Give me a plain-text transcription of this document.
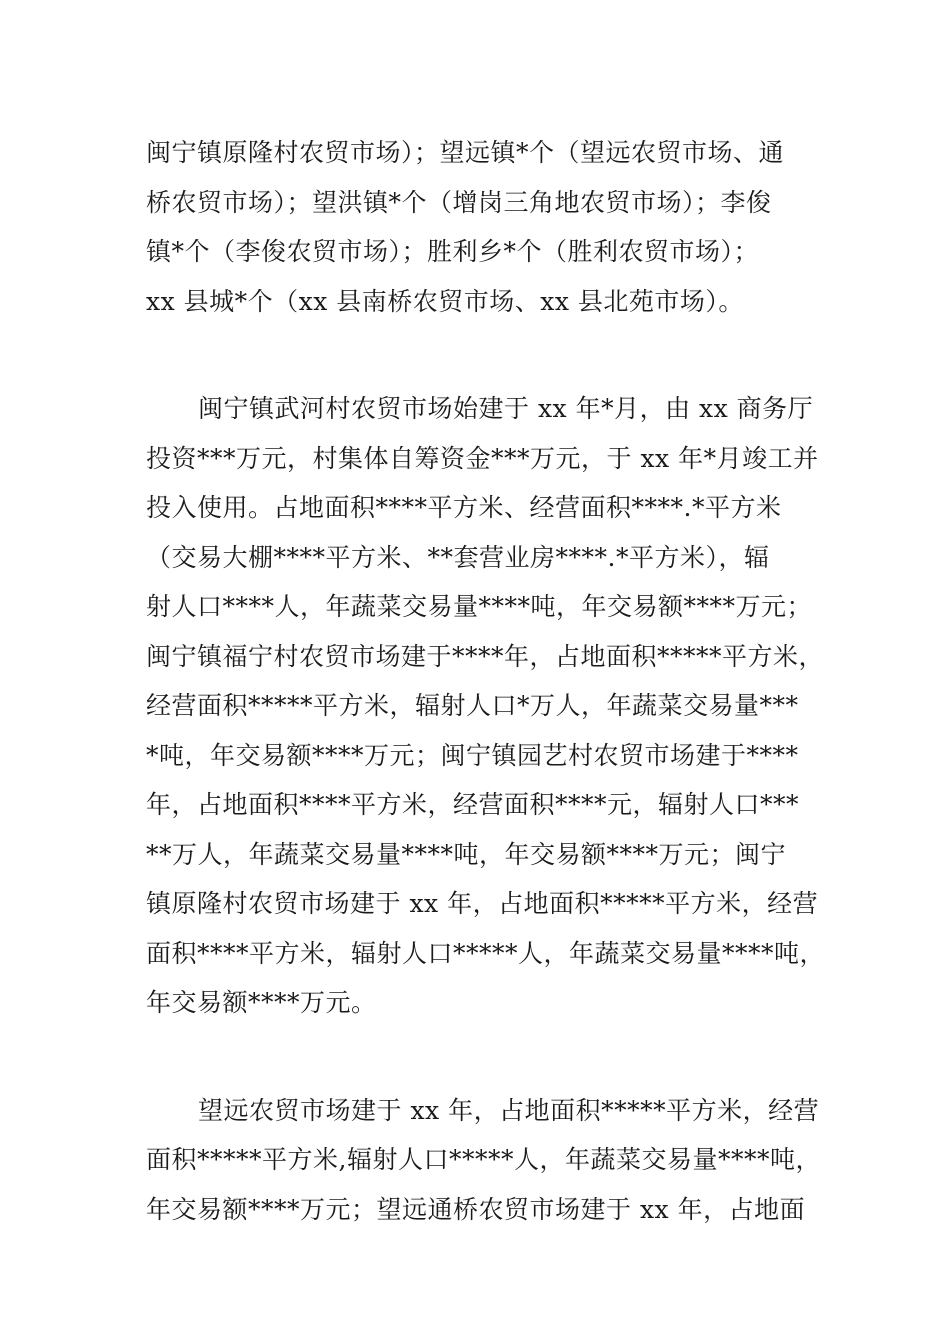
闽宁镇原隆村农贸市场）；望远镇*个（望远农贸市场、通
桥农贸市场）；望洪镇*个（增岗三角地农贸市场）；李俊
镇*个（李俊农贸市场）；胜利乡*个（胜利农贸市场）；
xx 县城*个（xx 县南桥农贸市场、xx 县北苑市场）。
闽宁镇武河村农贸市场始建于 xx 年*月，由 xx 商务厅
投资***万元，村集体自筹资金***万元，于 xx 年*月竣工并
投入使用。占地面积****平方米、经营面积****.*平方米
（交易大棚****平方米、**套营业房****.*平方米），辐
射人口****人，年蔬菜交易量****吨，年交易额****万元；
闽宁镇福宁村农贸市场建于****年，占地面积*****平方米，
经营面积*****平方米，辐射人口*万人，年蔬菜交易量***
*吨，年交易额****万元；闽宁镇园艺村农贸市场建于****
年，占地面积****平方米，经营面积****元，辐射人口***
**万人，年蔬菜交易量****吨，年交易额****万元；闽宁
镇原隆村农贸市场建于 xx 年，占地面积*****平方米，经营
面积****平方米，辐射人口*****人，年蔬菜交易量****吨，
年交易额****万元。
望远农贸市场建于 xx 年，占地面积*****平方米，经营
面积*****平方米,辐射人口*****人，年蔬菜交易量****吨，
年交易额****万元；望远通桥农贸市场建于 xx 年，占地面
